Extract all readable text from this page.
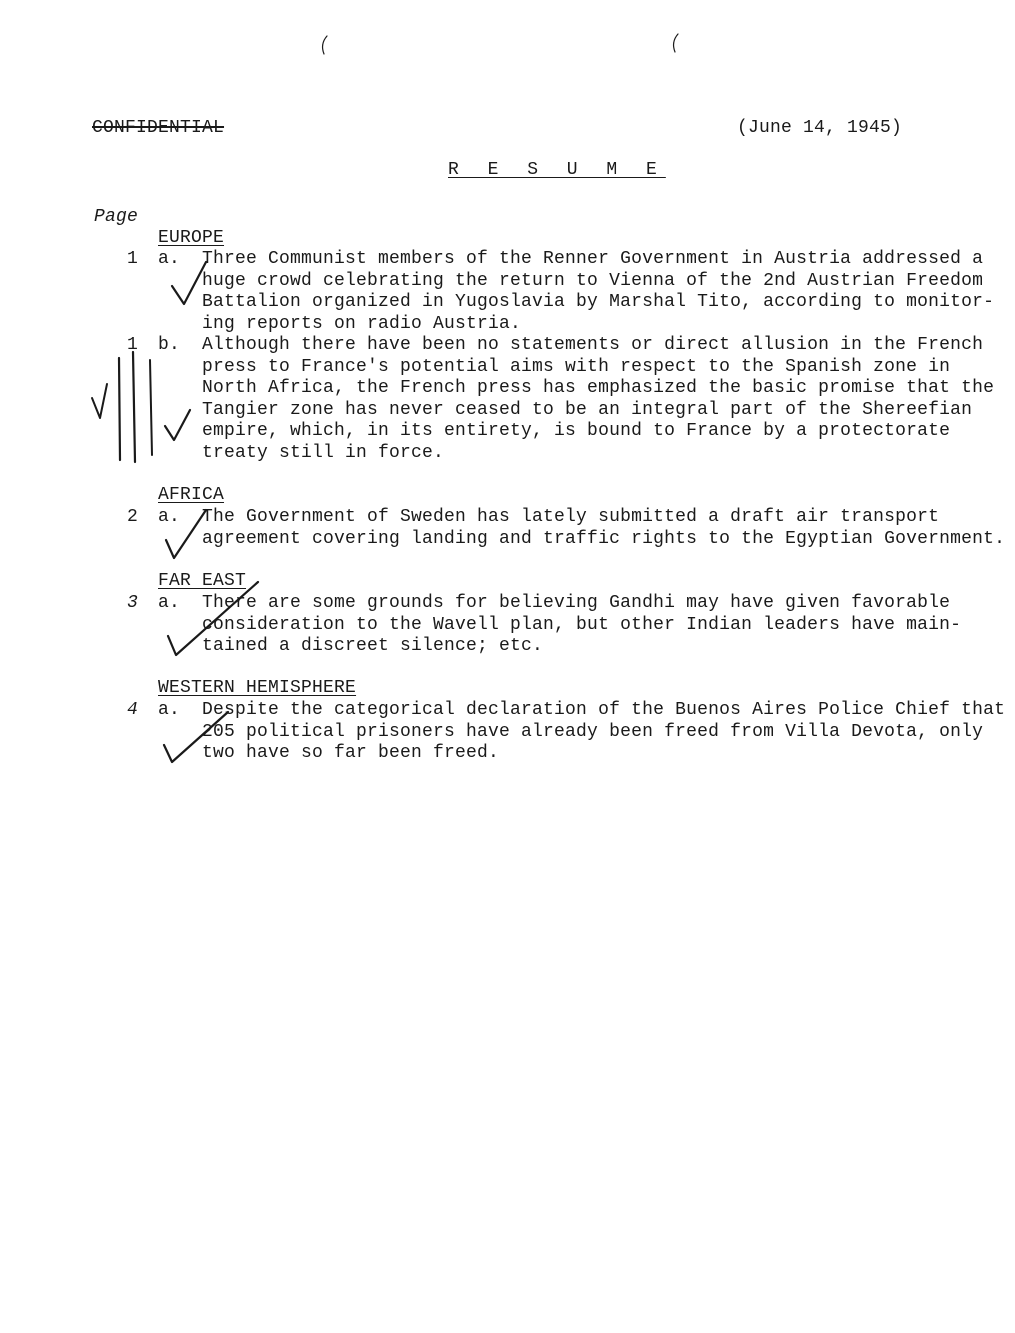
CONFIDENTIAL	(June 14, 1945)
R E S U M E
Page
EUROPE
1 a. Three Communist members of the Renner Government in Austria addressed a
huge crowd celebrating the return to Vienna of the 2nd Austrian Freedom
Battalion organized in Yugoslavia by Marshal Tito, according to monitor-
ing reports on radio Austria.
1 b. Although there have been no statements or direct allusion in the French
press to France's potential aims with respect to the Spanish zone in
North Africa, the French press has emphasized the basic promise that the
Tangier zone has never ceased to be an integral part of the Shereefian
empire, which, in its entirety, is bound to France by a protectorate
treaty still in force.
AFRICA
2 a. The Government of Sweden has lately submitted a draft air transport
agreement covering landing and traffic rights to the Egyptian Government.
FAR EAST
3 a. There are some grounds for believing Gandhi may have given favorable
consideration to the Wavell plan, but other Indian leaders have main-
tained a discreet silence; etc.
WESTERN HEMISPHERE
4 a. Despite the categorical declaration of the Buenos Aires Police Chief that
205 political prisoners have already been freed from Villa Devota, only
two have so far been freed.
